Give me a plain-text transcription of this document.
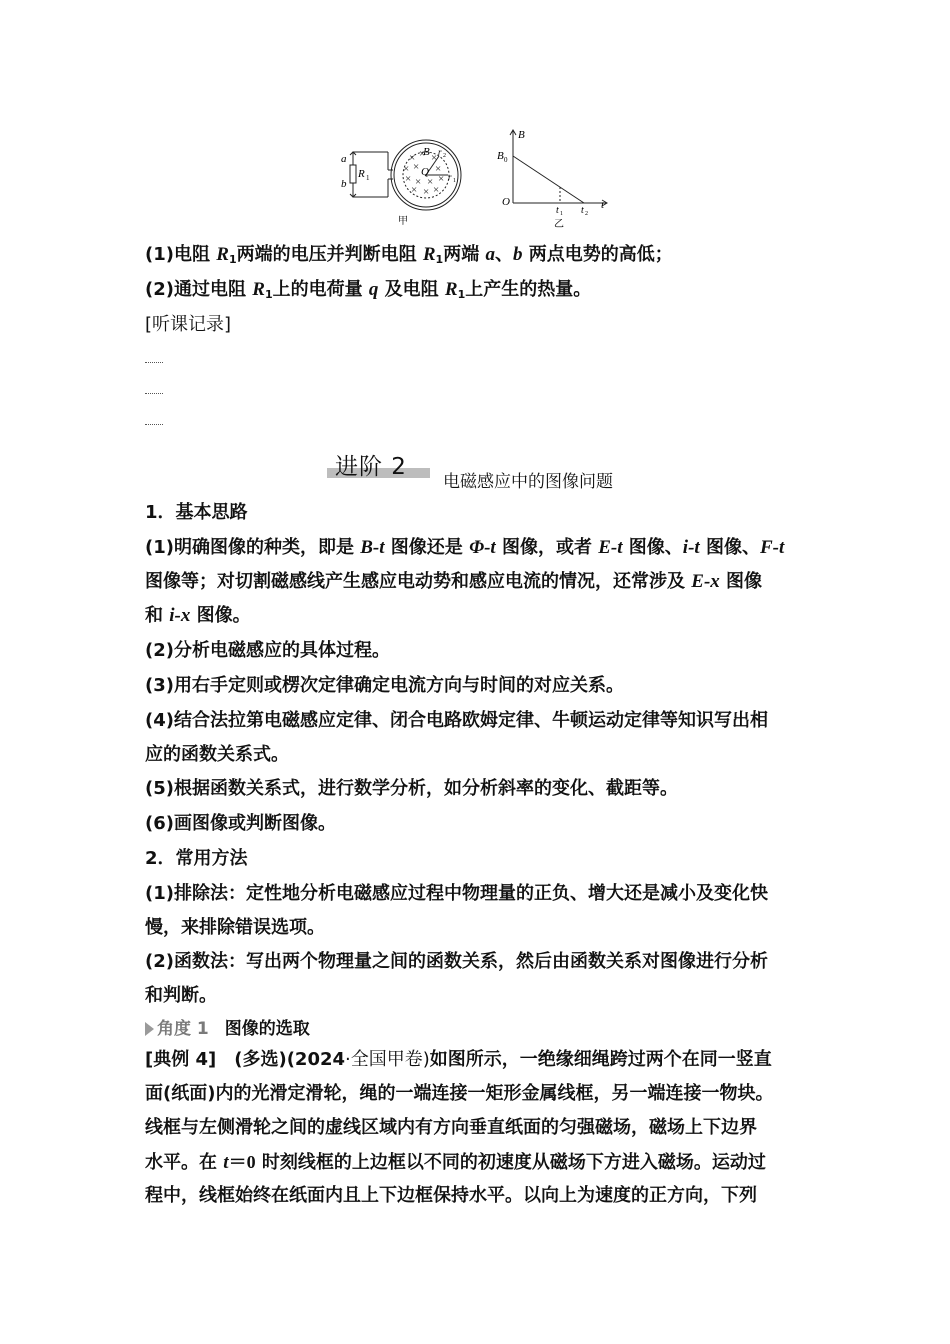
× × ×
× × ×
× × × ×
× × ×
a
b
R 1
B
Q
r 2
r 1
甲
B
t
B 0
O
t 1 t 2
乙
(1)电阻 $R_1$两端的电压并判断电阻 $R_1$两端 a、b 两点电势的高低；
(2)通过电阻 $R_1$上的电荷量 q 及电阻 $R_1$上产生的热量。
[听课记录]
进阶 2
电磁感应中的图像问题
1．基本思路
(1)明确图像的种类，即是 B-t 图像还是 Φ-t 图像，或者 E-t 图像、i-t 图像、F-t
图像等；对切割磁感线产生感应电动势和感应电流的情况，还常涉及 E-x 图像
和 i-x 图像。
(2)分析电磁感应的具体过程。
(3)用右手定则或楞次定律确定电流方向与时间的对应关系。
(4)结合法拉第电磁感应定律、闭合电路欧姆定律、牛顿运动定律等知识写出相
应的函数关系式。
(5)根据函数关系式，进行数学分析，如分析斜率的变化、截距等。
(6)画图像或判断图像。
2．常用方法
(1)排除法：定性地分析电磁感应过程中物理量的正负、增大还是减小及变化快
慢，来排除错误选项。
(2)函数法：写出两个物理量之间的函数关系，然后由函数关系对图像进行分析
和判断。
角度 1 图像的选取
[典例 4]　(多选)(2024·全国甲卷)如图所示，一绝缘细绳跨过两个在同一竖直
面(纸面)内的光滑定滑轮，绳的一端连接一矩形金属线框，另一端连接一物块。
线框与左侧滑轮之间的虚线区域内有方向垂直纸面的匀强磁场，磁场上下边界
水平。在 t＝0 时刻线框的上边框以不同的初速度从磁场下方进入磁场。运动过
程中，线框始终在纸面内且上下边框保持水平。以向上为速度的正方向，下列
